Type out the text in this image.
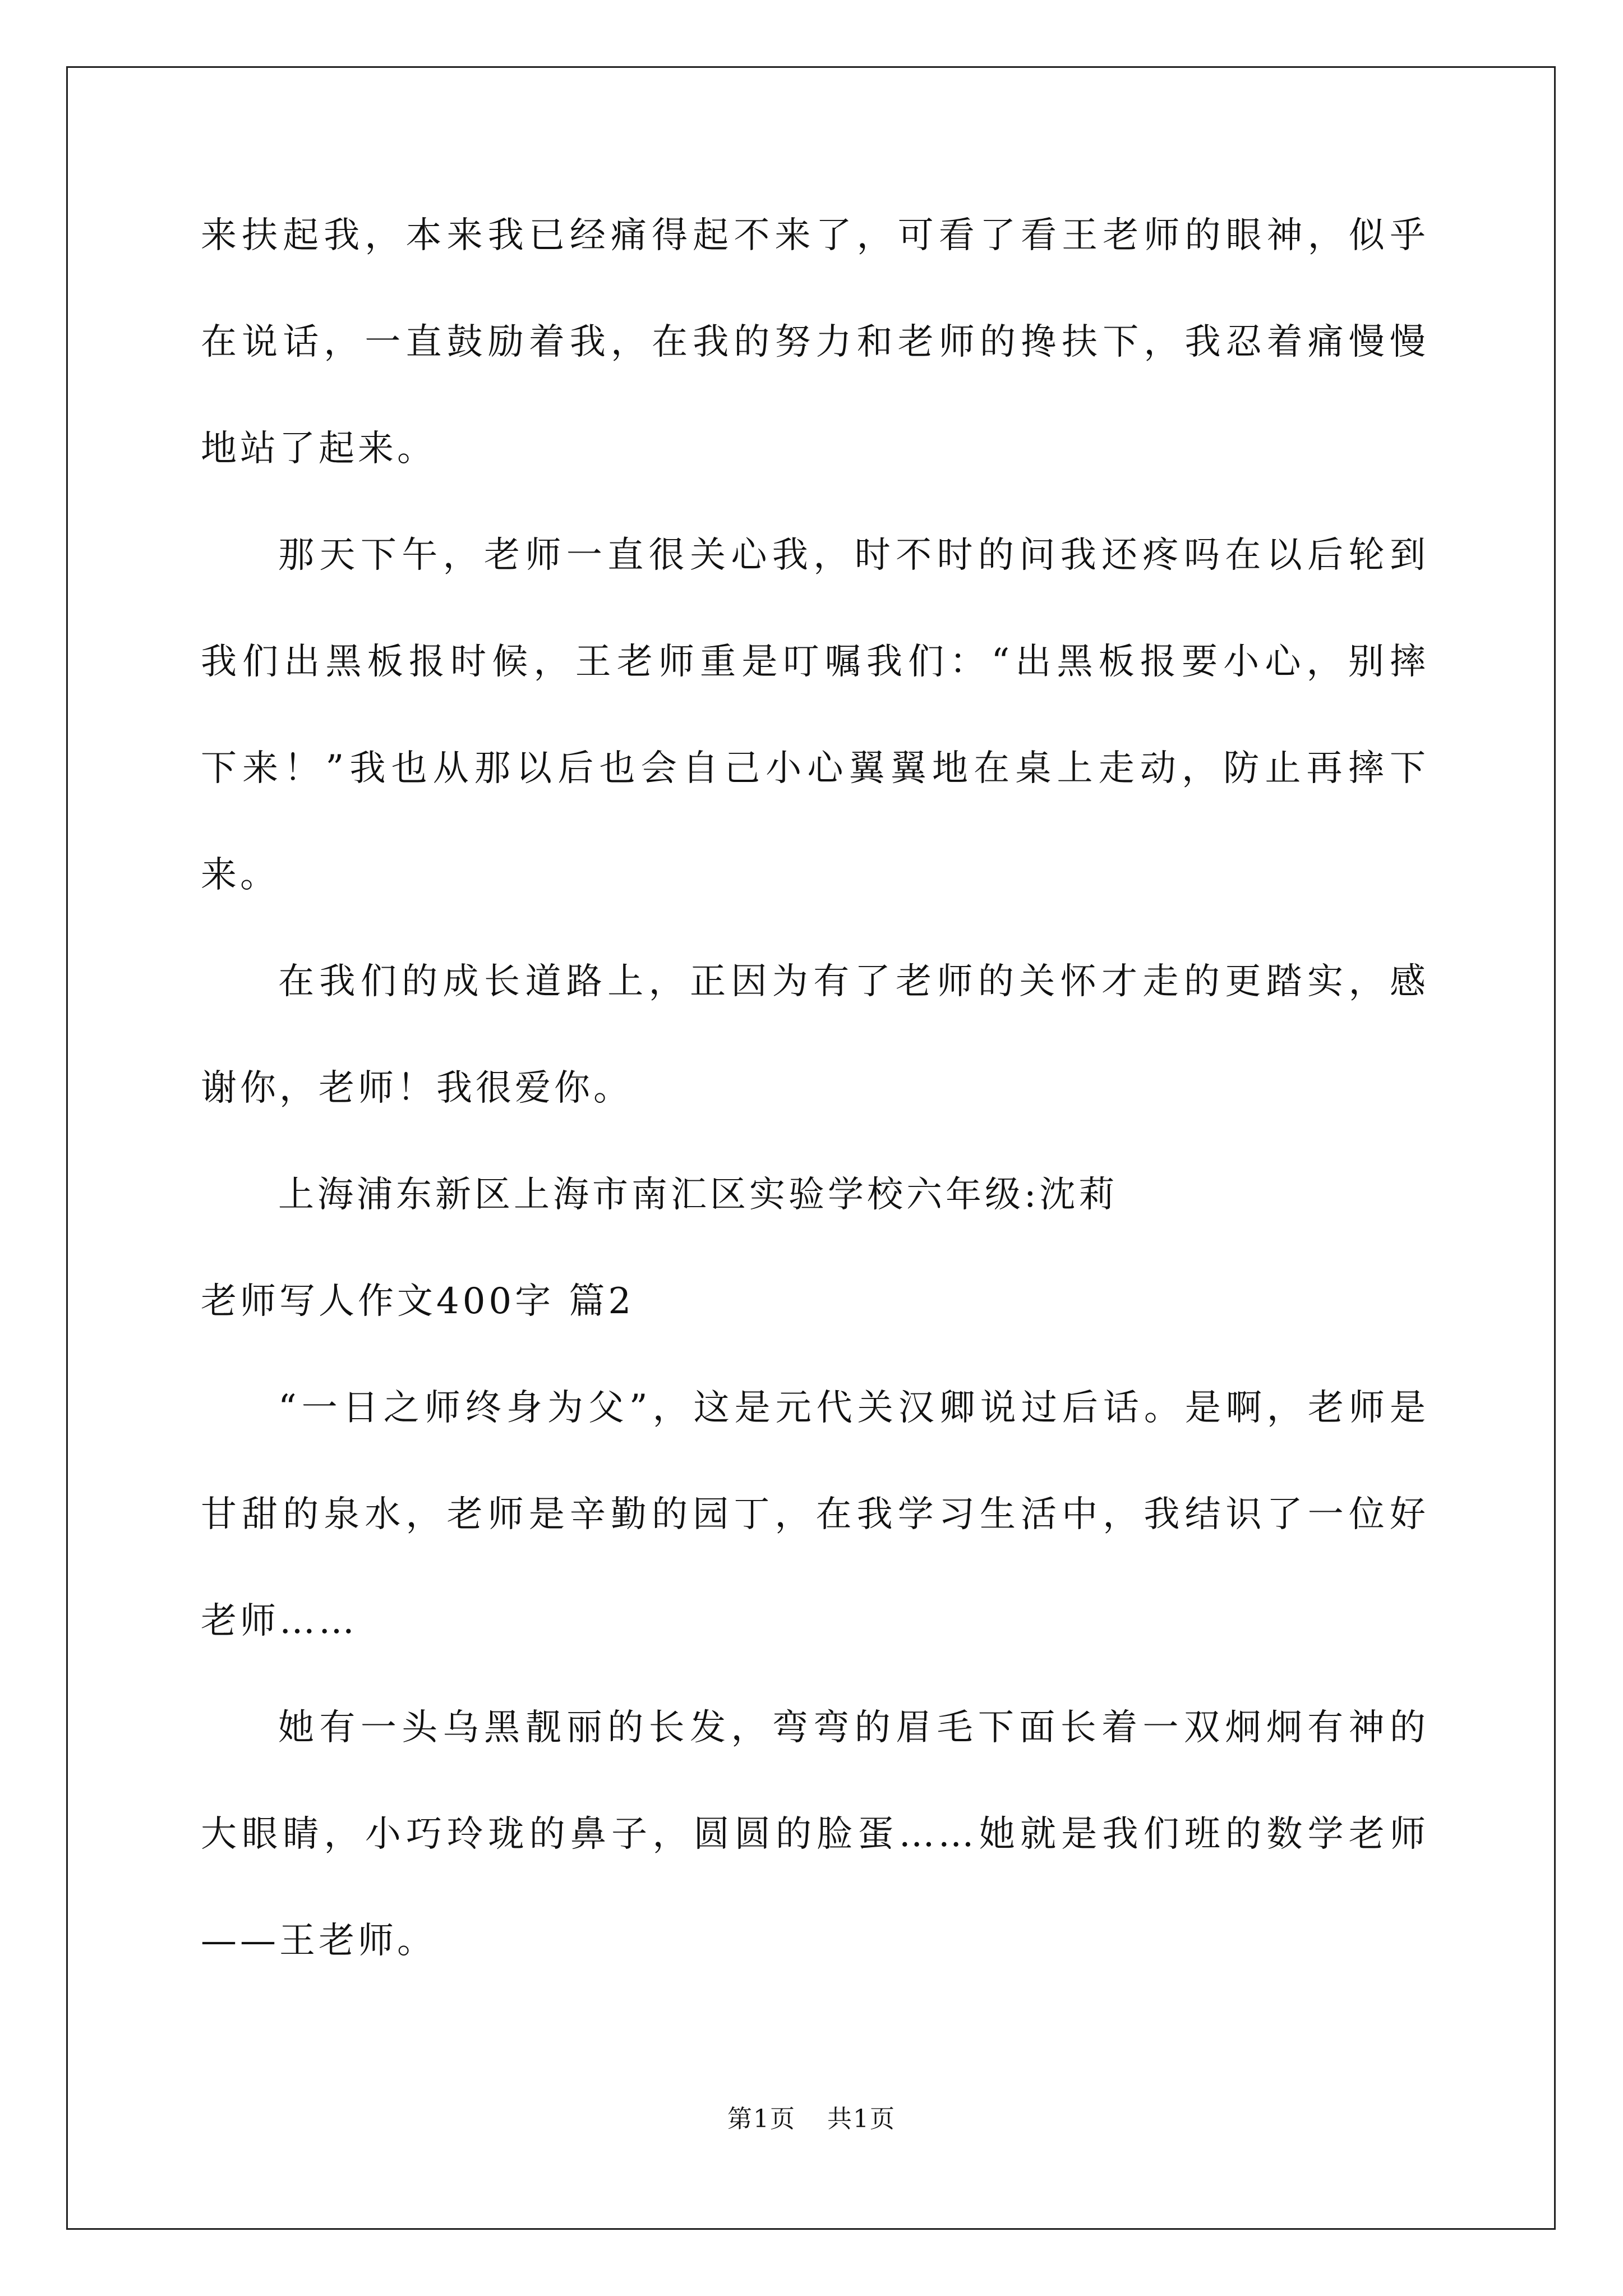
来扶起我，本来我已经痛得起不来了，可看了看王老师的眼神，似乎
在说话，一直鼓励着我，在我的努力和老师的搀扶下，我忍着痛慢慢
地站了起来。
那天下午，老师一直很关心我，时不时的问我还疼吗在以后轮到
我们出黑板报时候，王老师重是叮嘱我们：“出黑板报要小心，别摔
下来！”我也从那以后也会自己小心翼翼地在桌上走动，防止再摔下
来。
在我们的成长道路上，正因为有了老师的关怀才走的更踏实，感
谢你，老师！我很爱你。
上海浦东新区上海市南汇区实验学校六年级:沈莉
老师写人作文400字 篇2
“一日之师终身为父”，这是元代关汉卿说过后话。是啊，老师是
甘甜的泉水，老师是辛勤的园丁，在我学习生活中，我结识了一位好
老师……
她有一头乌黑靓丽的长发，弯弯的眉毛下面长着一双炯炯有神的
大眼睛，小巧玲珑的鼻子，圆圆的脸蛋……她就是我们班的数学老师
——王老师。
第1页 共1页
